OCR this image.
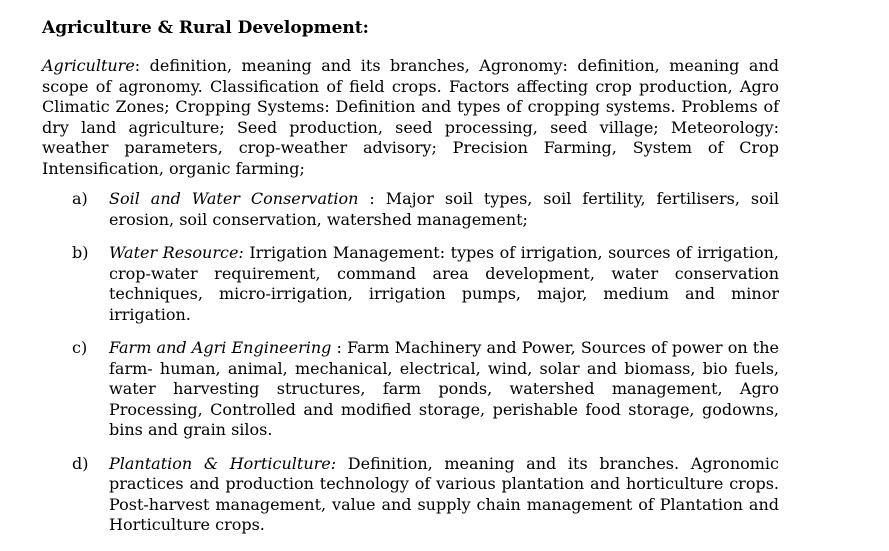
Agriculture & Rural Development:

Agriculture: definition, meaning and its branches, Agronomy: definition, meaning and scope of agronomy. Classification of field crops. Factors affecting crop production, Agro Climatic Zones; Cropping Systems: Definition and types of cropping systems. Problems of dry land agriculture; Seed production, seed processing, seed village; Meteorology: weather parameters, crop-weather advisory; Precision Farming, System of Crop Intensification, organic farming;

a) Soil and Water Conservation : Major soil types, soil fertility, fertilisers, soil erosion, soil conservation, watershed management;
b) Water Resource: Irrigation Management: types of irrigation, sources of irrigation, crop-water requirement, command area development, water conservation techniques, micro-irrigation, irrigation pumps, major, medium and minor irrigation.
c) Farm and Agri Engineering : Farm Machinery and Power, Sources of power on the farm- human, animal, mechanical, electrical, wind, solar and biomass, bio fuels, water harvesting structures, farm ponds, watershed management, Agro Processing, Controlled and modified storage, perishable food storage, godowns, bins and grain silos.
d) Plantation & Horticulture: Definition, meaning and its branches. Agronomic practices and production technology of various plantation and horticulture crops. Post-harvest management, value and supply chain management of Plantation and Horticulture crops.
